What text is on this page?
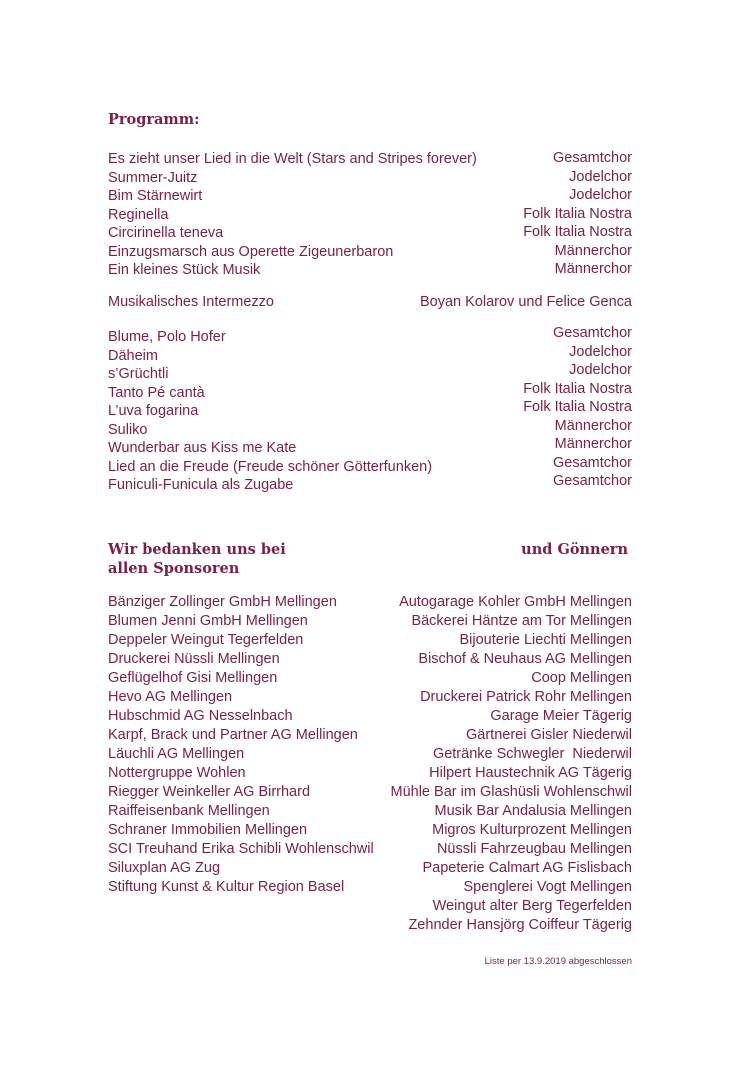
Programm:
Es zieht unser Lied in die Welt (Stars and Stripes forever)
Summer-Juitz
Bim Stärnewirt
Reginella
Circirinella teneva
Einzugsmarsch aus Operette Zigeunerbaron
Ein kleines Stück Musik
Gesamtchor
Jodelchor
Jodelchor
Folk Italia Nostra
Folk Italia Nostra
Männerchor
Männerchor
Musikalisches Intermezzo	Boyan Kolarov und Felice Genca
Blume, Polo Hofer
Däheim
s’Grüchtli
Tanto Pé cantà
L’uva fogarina
Suliko
Wunderbar aus Kiss me Kate
Lied an die Freude (Freude schöner Götterfunken)
Funiculi-Funicula als Zugabe
Gesamtchor
Jodelchor
Jodelchor
Folk Italia Nostra
Folk Italia Nostra
Männerchor
Männerchor
Gesamtchor
Gesamtchor
Wir bedanken uns bei
allen Sponsoren
und Gönnern
Bänziger Zollinger GmbH Mellingen
Blumen Jenni GmbH Mellingen
Deppeler Weingut Tegerfelden
Druckerei Nüssli Mellingen
Geflügelhof Gisi Mellingen
Hevo AG Mellingen
Hubschmid AG Nesselnbach
Karpf, Brack und Partner AG Mellingen
Läuchli AG Mellingen
Nottergruppe Wohlen
Riegger Weinkeller AG Birrhard
Raiffeisenbank Mellingen
Schraner Immobilien Mellingen
SCI Treuhand Erika Schibli Wohlenschwil
Siluxplan AG Zug
Stiftung Kunst & Kultur Region Basel
Autogarage Kohler GmbH Mellingen
Bäckerei Häntze am Tor Mellingen
Bijouterie Liechti Mellingen
Bischof & Neuhaus AG Mellingen
Coop Mellingen
Druckerei Patrick Rohr Mellingen
Garage Meier Tägerig
Gärtnerei Gisler Niederwil
Getränke Schwegler  Niederwil
Hilpert Haustechnik AG Tägerig
Mühle Bar im Glashüsli Wohlenschwil
Musik Bar Andalusia Mellingen
Migros Kulturprozent Mellingen
Nüssli Fahrzeugbau Mellingen
Papeterie Calmart AG Fislisbach
Spenglerei Vogt Mellingen
Weingut alter Berg Tegerfelden
Zehnder Hansjörg Coiffeur Tägerig
Liste per 13.9.2019 abgeschlossen
